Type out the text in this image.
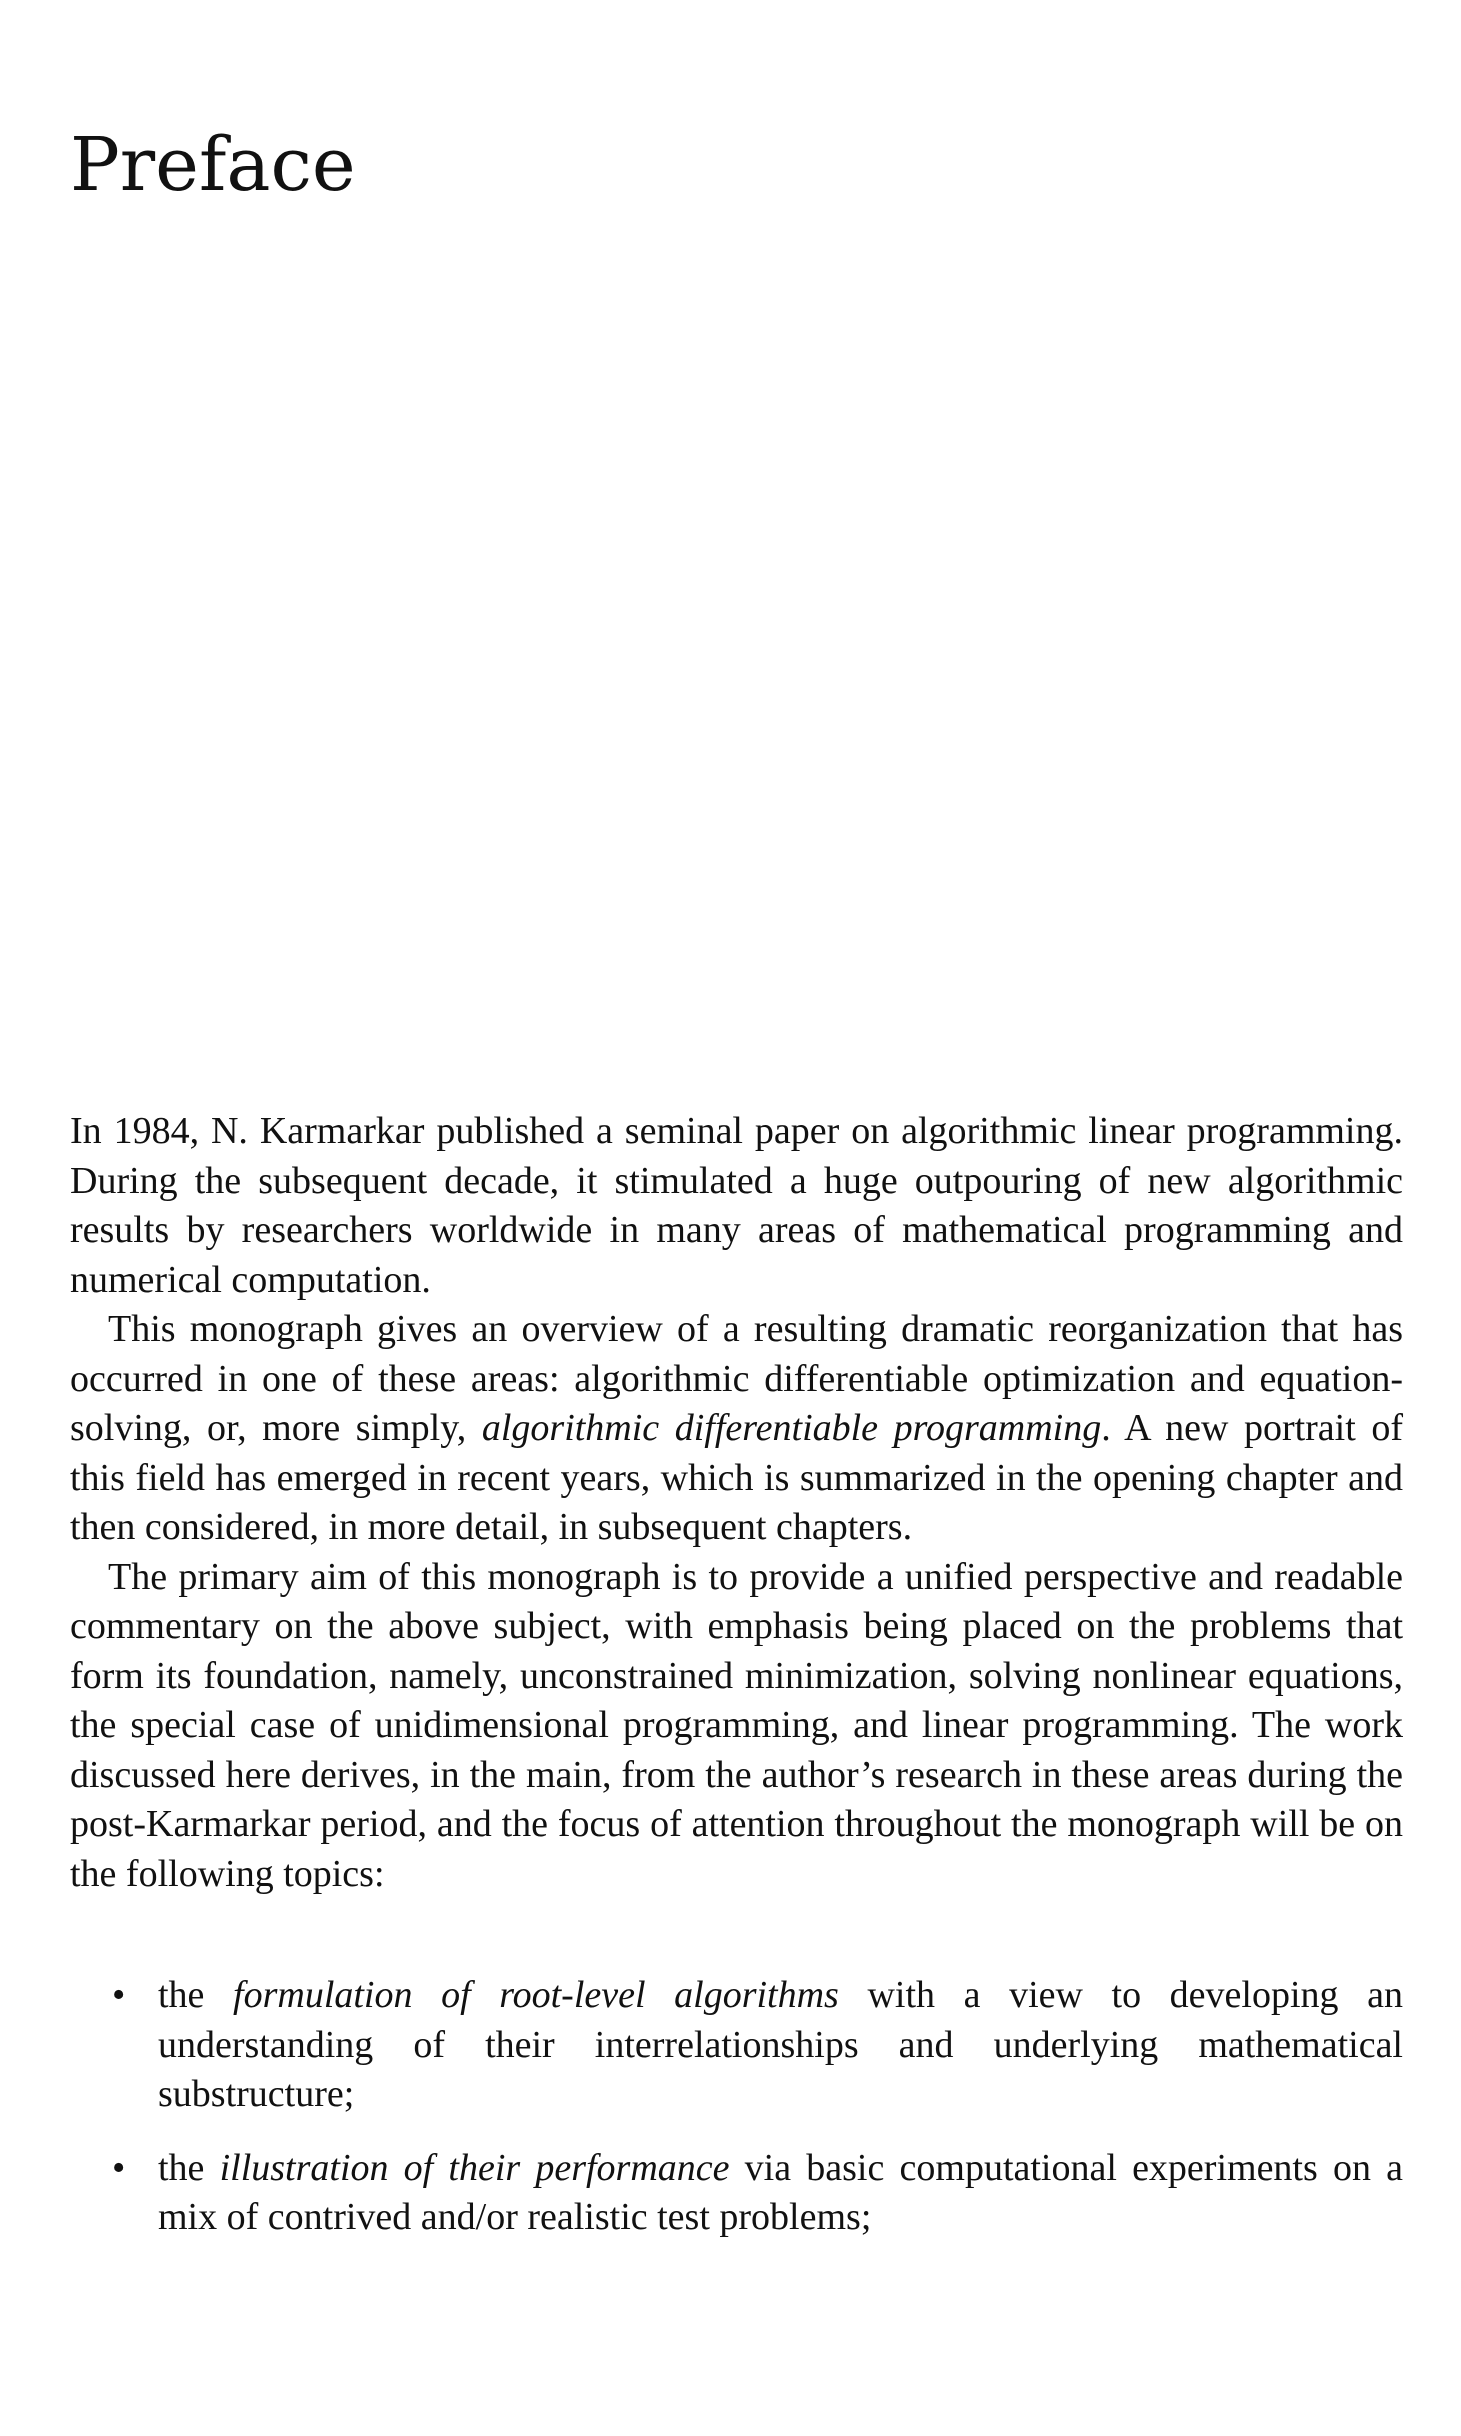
Preface

In 1984, N. Karmarkar published a seminal paper on algorithmic linear programming. During the subsequent decade, it stimulated a huge outpouring of new algorithmic results by researchers worldwide in many areas of mathematical programming and numerical computation.

This monograph gives an overview of a resulting dramatic reorganization that has occurred in one of these areas: algorithmic differentiable optimization and equation-solving, or, more simply, algorithmic differentiable programming. A new portrait of this field has emerged in recent years, which is summarized in the opening chapter and then considered, in more detail, in subsequent chapters.

The primary aim of this monograph is to provide a unified perspective and readable commentary on the above subject, with emphasis being placed on the problems that form its foundation, namely, unconstrained minimization, solving nonlinear equations, the special case of unidimensional programming, and linear programming. The work discussed here derives, in the main, from the author’s research in these areas during the post-Karmarkar period, and the focus of attention throughout the monograph will be on the following topics:

• the formulation of root-level algorithms with a view to developing an understanding of their interrelationships and underlying mathematical substructure;
• the illustration of their performance via basic computational experiments on a mix of contrived and/or realistic test problems;
